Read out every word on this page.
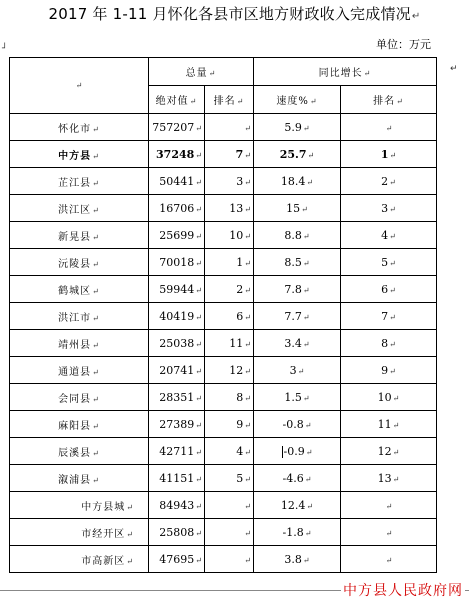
2017 年 1-11 月怀化各县市区地方财政收入完成情况↵
┘
↵
单位：万元
↵	总量↵		同比增长↵	
	绝对值↵	排名↵	速度%↵	排名↵
怀化市↵	757207↵	↵	5.9↵	↵
中方县↵	37248↵	7↵	25.7↵	1↵
芷江县↵	50441↵	3↵	18.4↵	2↵
洪江区↵	16706↵	13↵	15↵	3↵
新晃县↵	25699↵	10↵	8.8↵	4↵
沅陵县↵	70018↵	1↵	8.5↵	5↵
鹤城区↵	59944↵	2↵	7.8↵	6↵
洪江市↵	40419↵	6↵	7.7↵	7↵
靖州县↵	25038↵	11↵	3.4↵	8↵
通道县↵	20741↵	12↵	3↵	9↵
会同县↵	28351↵	8↵	1.5↵	10↵
麻阳县↵	27389↵	9↵	-0.8↵	11↵
辰溪县↵	42711↵	4↵	-0.9↵	12↵
溆浦县↵	41151↵	5↵	-4.6↵	13↵
中方县城↵	84943↵	↵	12.4↵	↵
市经开区↵	25808↵	↵	-1.8↵	↵
市高新区↵	47695↵	↵	3.8↵	↵
中方县人民政府网
